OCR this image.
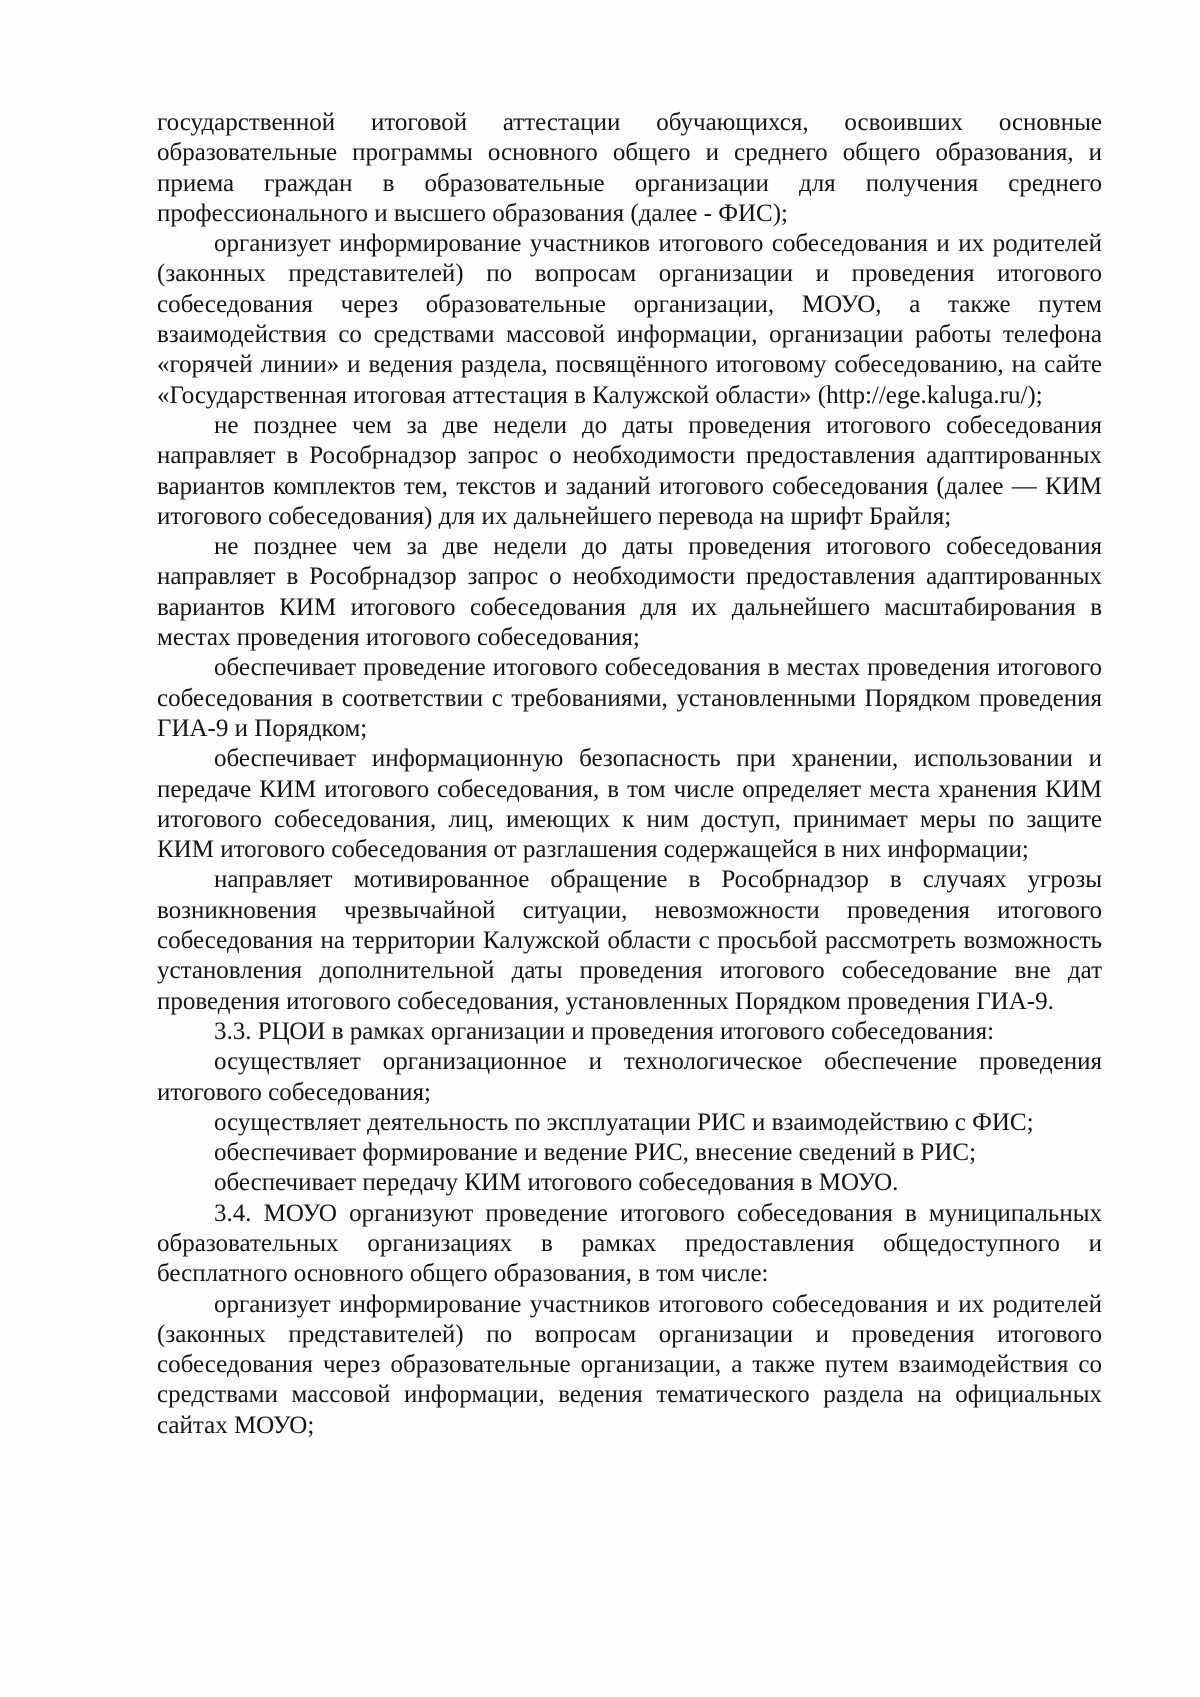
государственной итоговой аттестации обучающихся, освоивших основные образовательные программы основного общего и среднего общего образования, и приема граждан в образовательные организации для получения среднего профессионального и высшего образования (далее - ФИС);

организует информирование участников итогового собеседования и их родителей (законных представителей) по вопросам организации и проведения итогового собеседования через образовательные организации, МОУО, а также путем взаимодействия со средствами массовой информации, организации работы телефона «горячей линии» и ведения раздела, посвящённого итоговому собеседованию, на сайте «Государственная итоговая аттестация в Калужской области» (http://ege.kaluga.ru/);

не позднее чем за две недели до даты проведения итогового собеседования направляет в Рособрнадзор запрос о необходимости предоставления адаптированных вариантов комплектов тем, текстов и заданий итогового собеседования (далее — КИМ итогового собеседования) для их дальнейшего перевода на шрифт Брайля;

не позднее чем за две недели до даты проведения итогового собеседования направляет в Рособрнадзор запрос о необходимости предоставления адаптированных вариантов КИМ итогового собеседования для их дальнейшего масштабирования в местах проведения итогового собеседования;

обеспечивает проведение итогового собеседования в местах проведения итогового собеседования в соответствии с требованиями, установленными Порядком проведения ГИА-9 и Порядком;

обеспечивает информационную безопасность при хранении, использовании и передаче КИМ итогового собеседования, в том числе определяет места хранения КИМ итогового собеседования, лиц, имеющих к ним доступ, принимает меры по защите КИМ итогового собеседования от разглашения содержащейся в них информации;

направляет мотивированное обращение в Рособрнадзор в случаях угрозы возникновения чрезвычайной ситуации, невозможности проведения итогового собеседования на территории Калужской области с просьбой рассмотреть возможность установления дополнительной даты проведения итогового собеседование вне дат проведения итогового собеседования, установленных Порядком проведения ГИА-9.

3.3. РЦОИ в рамках организации и проведения итогового собеседования:

осуществляет организационное и технологическое обеспечение проведения итогового собеседования;

осуществляет деятельность по эксплуатации РИС и взаимодействию с ФИС;

обеспечивает формирование и ведение РИС, внесение сведений в РИС;

обеспечивает передачу КИМ итогового собеседования в МОУО.

3.4. МОУО организуют проведение итогового собеседования в муниципальных образовательных организациях в рамках предоставления общедоступного и бесплатного основного общего образования, в том числе:

организует информирование участников итогового собеседования и их родителей (законных представителей) по вопросам организации и проведения итогового собеседования через образовательные организации, а также путем взаимодействия со средствами массовой информации, ведения тематического раздела на официальных сайтах МОУО;
